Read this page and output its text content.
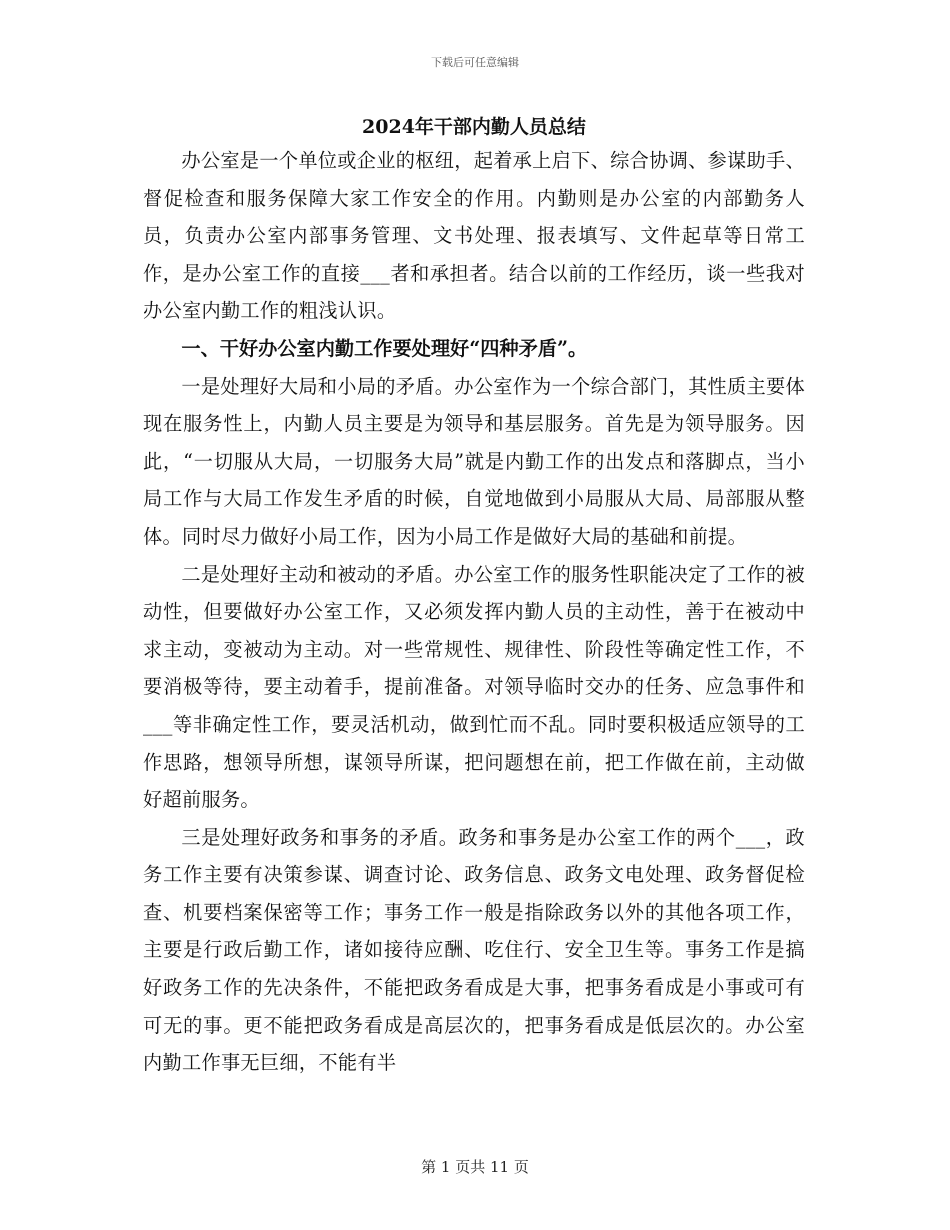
下载后可任意编辑
2024年干部内勤人员总结

办公室是一个单位或企业的枢纽，起着承上启下、综合协调、参谋助手、督促检查和服务保障大家工作安全的作用。内勤则是办公室的内部勤务人员，负责办公室内部事务管理、文书处理、报表填写、文件起草等日常工作，是办公室工作的直接___者和承担者。结合以前的工作经历，谈一些我对办公室内勤工作的粗浅认识。

一、干好办公室内勤工作要处理好“四种矛盾”。

一是处理好大局和小局的矛盾。办公室作为一个综合部门，其性质主要体现在服务性上，内勤人员主要是为领导和基层服务。首先是为领导服务。因此，“一切服从大局，一切服务大局”就是内勤工作的出发点和落脚点，当小局工作与大局工作发生矛盾的时候，自觉地做到小局服从大局、局部服从整体。同时尽力做好小局工作，因为小局工作是做好大局的基础和前提。

二是处理好主动和被动的矛盾。办公室工作的服务性职能决定了工作的被动性，但要做好办公室工作，又必须发挥内勤人员的主动性，善于在被动中求主动，变被动为主动。对一些常规性、规律性、阶段性等确定性工作，不要消极等待，要主动着手，提前准备。对领导临时交办的任务、应急事件和___等非确定性工作，要灵活机动，做到忙而不乱。同时要积极适应领导的工作思路，想领导所想，谋领导所谋，把问题想在前，把工作做在前，主动做好超前服务。

三是处理好政务和事务的矛盾。政务和事务是办公室工作的两个___，政务工作主要有决策参谋、调查讨论、政务信息、政务文电处理、政务督促检查、机要档案保密等工作；事务工作一般是指除政务以外的其他各项工作，主要是行政后勤工作，诸如接待应酬、吃住行、安全卫生等。事务工作是搞好政务工作的先决条件，不能把政务看成是大事，把事务看成是小事或可有可无的事。更不能把政务看成是高层次的，把事务看成是低层次的。办公室内勤工作事无巨细，不能有半

第 1 页共 11 页
